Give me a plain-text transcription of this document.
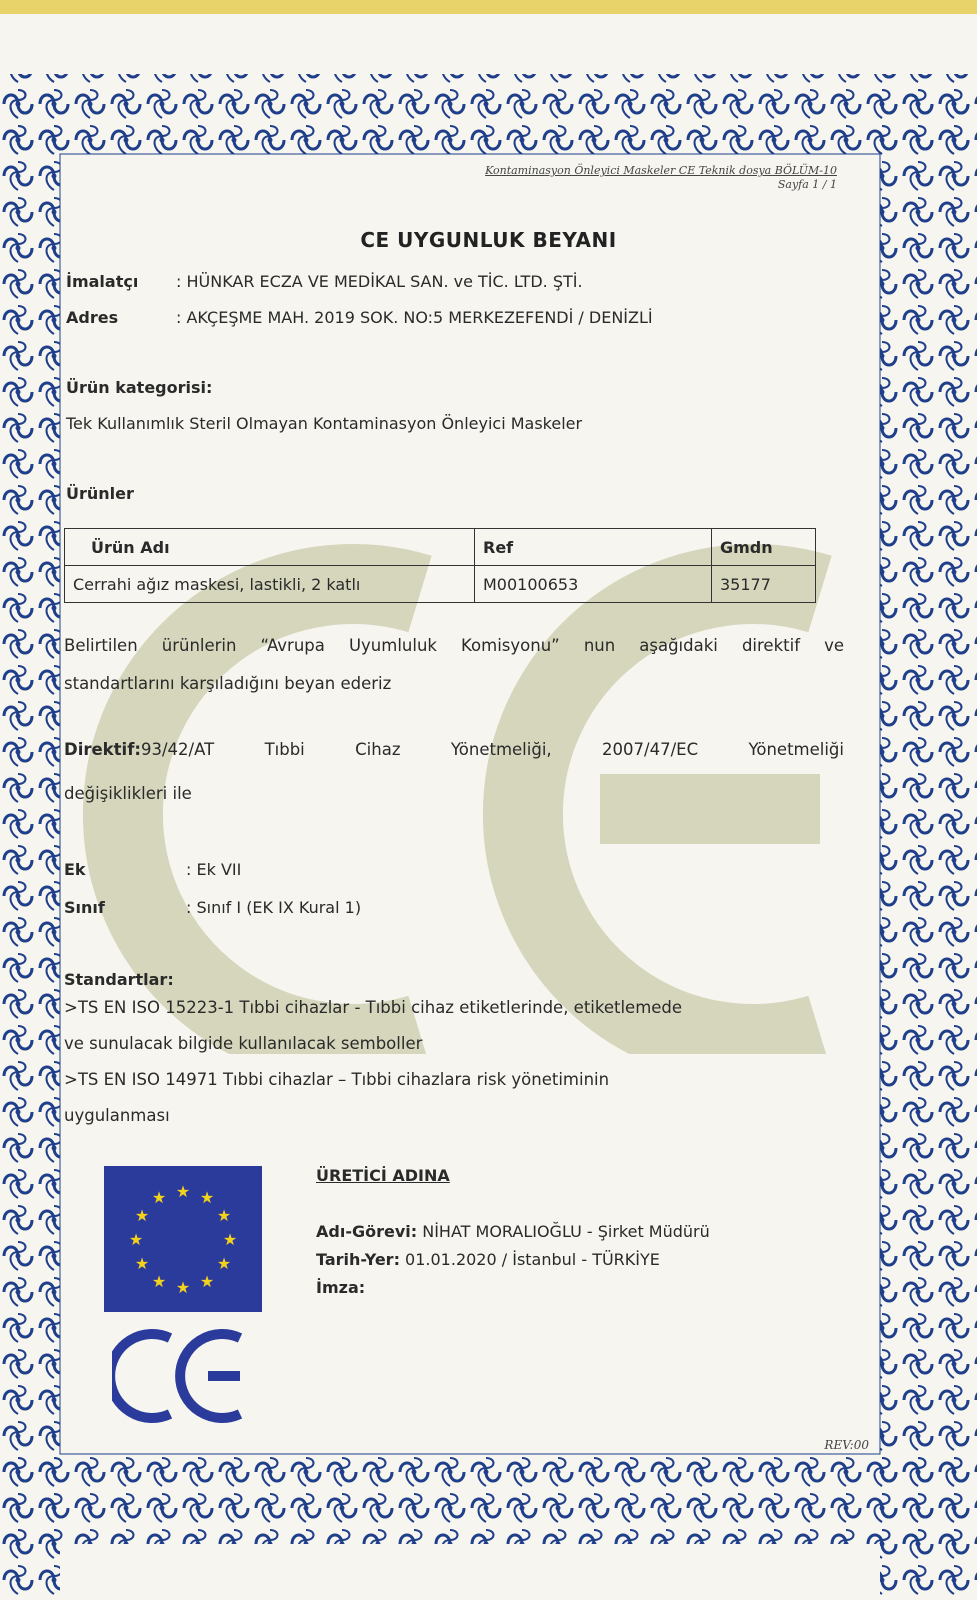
Kontaminasyon Önleyici Maskeler CE Teknik dosya BÖLÜM-10
Sayfa 1 / 1
CE UYGUNLUK BEYANI
İmalatçı : HÜNKAR ECZA VE MEDİKAL SAN. ve TİC. LTD. ŞTİ.
Adres	: AKÇEŞME MAH. 2019 SOK. NO:5 MERKEZEFENDİ / DENİZLİ
Ürün kategorisi:
Tek Kullanımlık Steril Olmayan Kontaminasyon Önleyici Maskeler
Ürünler
Ürün Adı	Ref	Gmdn
Cerrahi ağız maskesi, lastikli, 2 katlı	M00100653	35177
Belirtilen ürünlerin “Avrupa Uyumluluk Komisyonu” nun aşağıdaki direktif ve
standartlarını karşıladığını beyan ederiz
Direktif: 93/42/AT  Tıbbi  Cihaz  Yönetmeliği,  2007/47/EC  Yönetmeliği
değişiklikleri ile
Ek	: Ek VII
Sınıf	: Sınıf I (EK IX Kural 1)
Standartlar:
>TS EN ISO 15223-1 Tıbbi cihazlar - Tıbbi cihaz etiketlerinde, etiketlemede
ve sunulacak bilgide kullanılacak semboller
>TS EN ISO 14971 Tıbbi cihazlar – Tıbbi cihazlara risk yönetiminin
uygulanması
★ ★
★
★
★
★
★
★
★
★
★
★
ÜRETİCİ ADINA
Adı-Görevi: NİHAT MORALIOĞLU - Şirket Müdürü
Tarih-Yer: 01.01.2020 / İstanbul - TÜRKİYE
İmza:
REV:00
